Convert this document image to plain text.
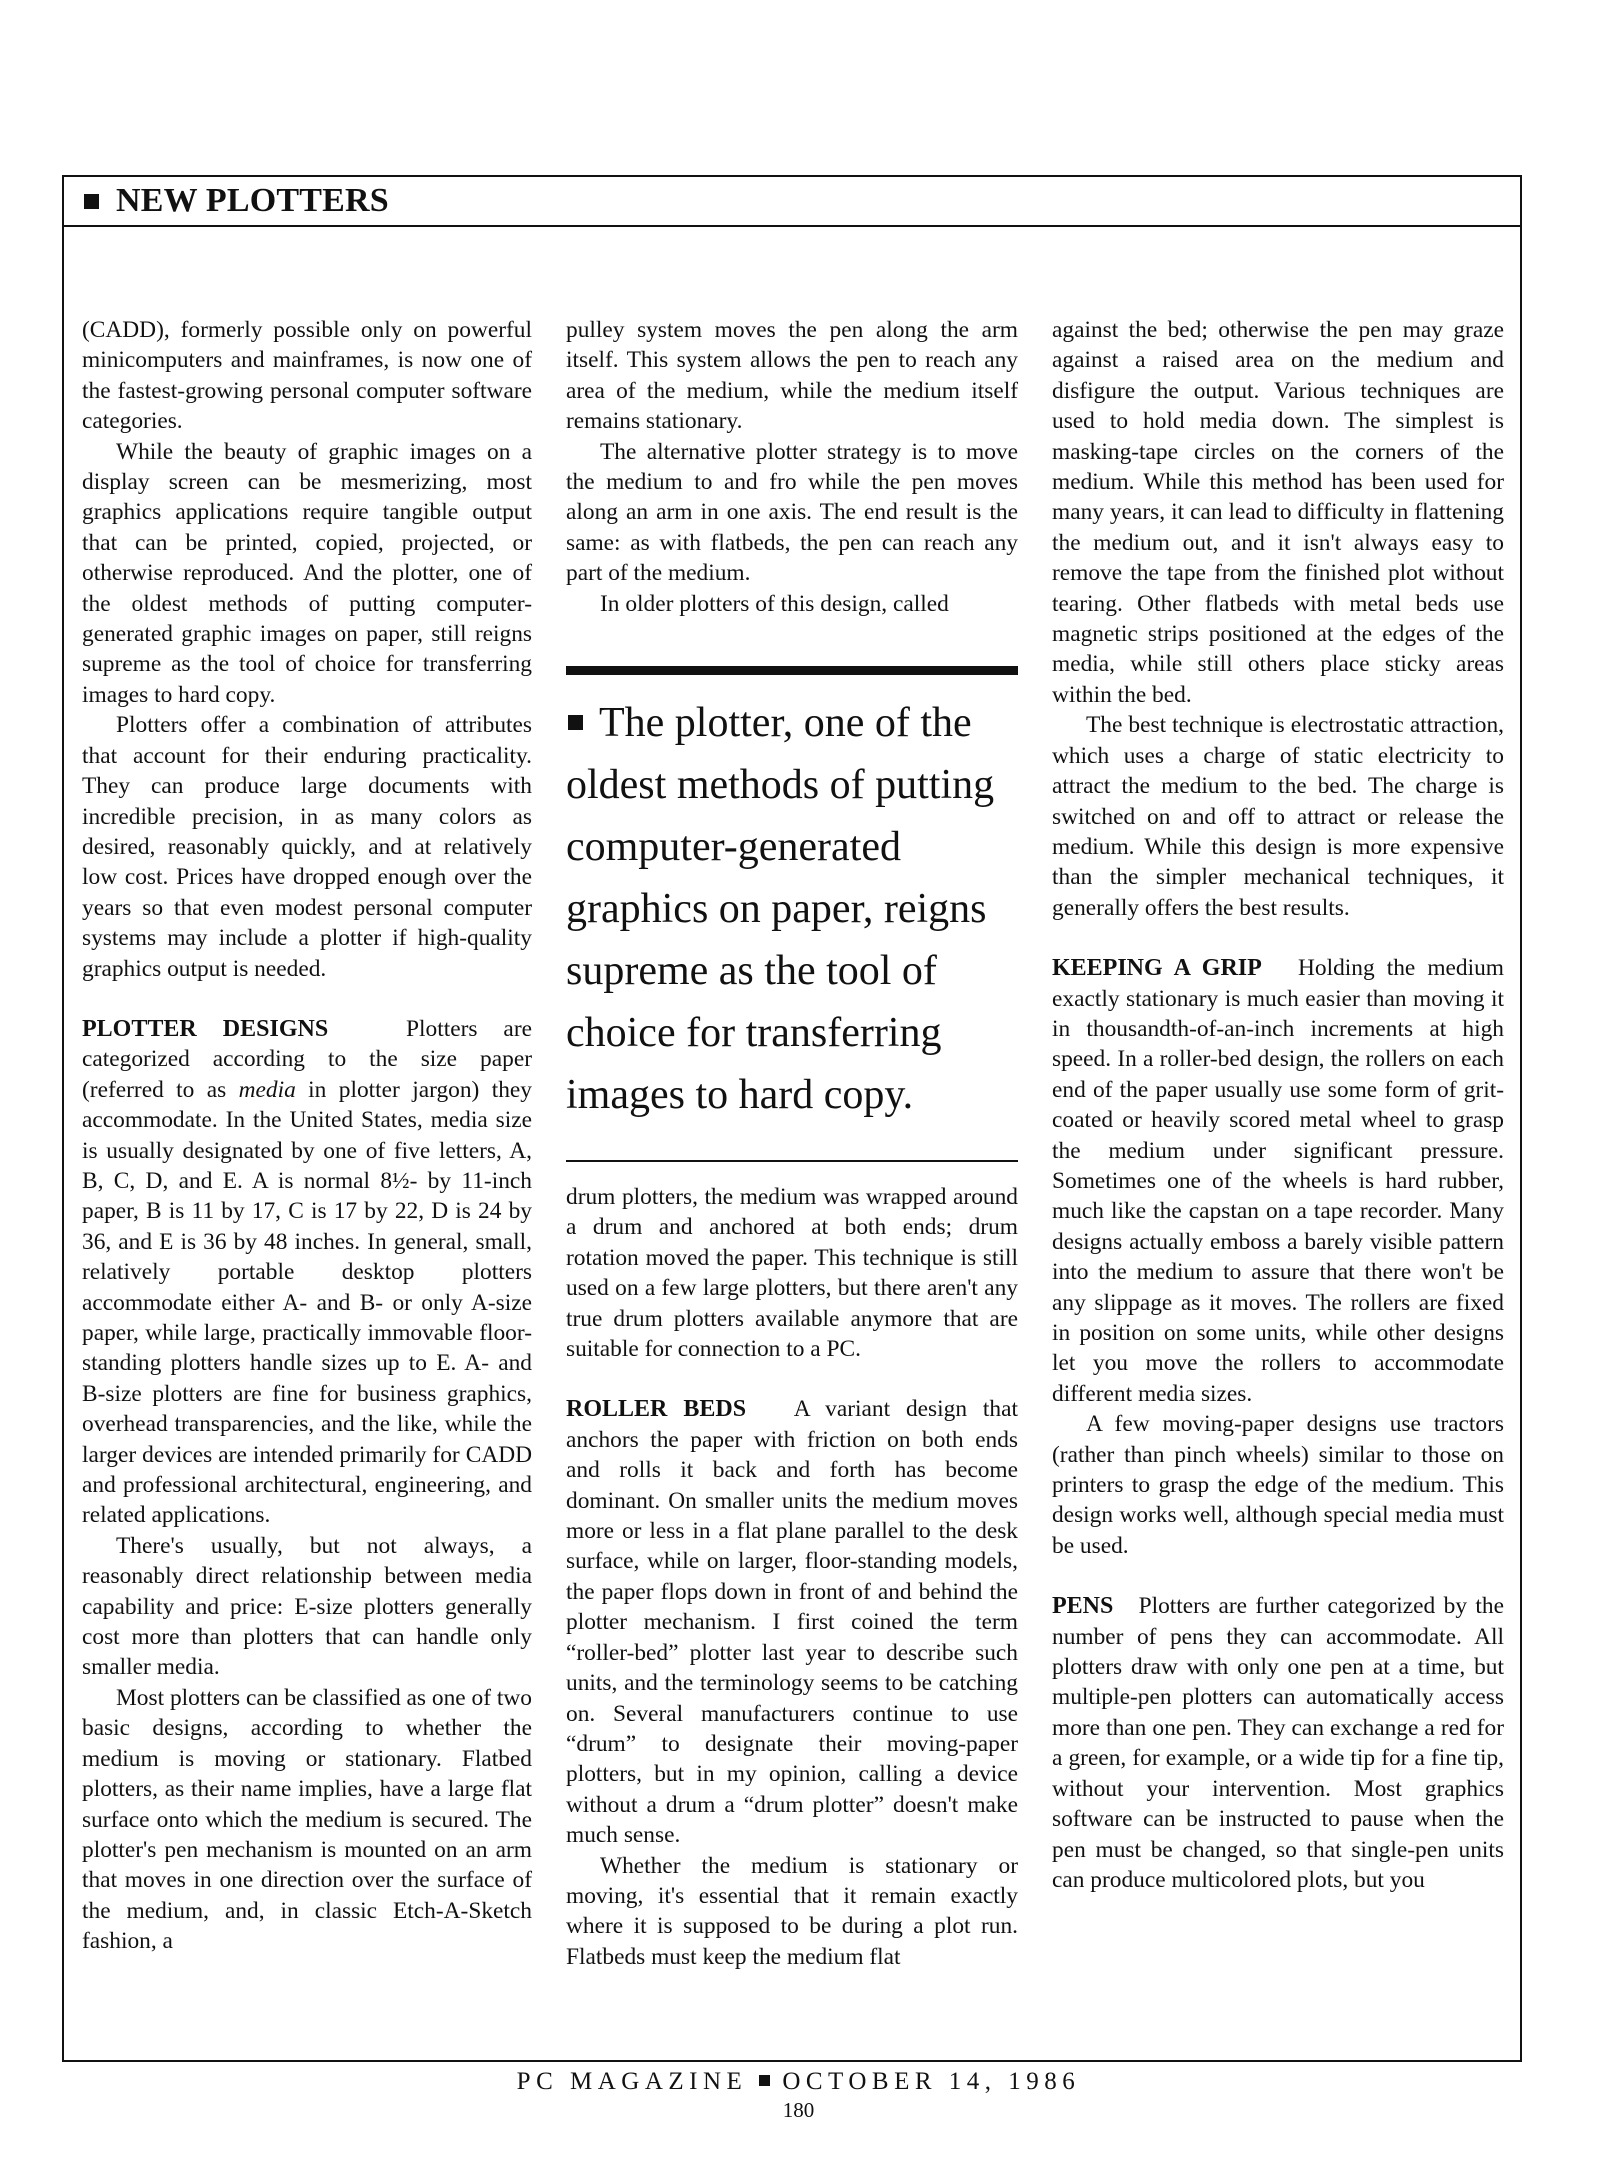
NEW PLOTTERS

(CADD), formerly possible only on powerful minicomputers and mainframes, is now one of the fastest-growing personal computer software categories.

While the beauty of graphic images on a display screen can be mesmerizing, most graphics applications require tangible output that can be printed, copied, projected, or otherwise reproduced. And the plotter, one of the oldest methods of putting computer-generated graphic images on paper, still reigns supreme as the tool of choice for transferring images to hard copy.

Plotters offer a combination of attributes that account for their enduring practicality. They can produce large documents with incredible precision, in as many colors as desired, reasonably quickly, and at relatively low cost. Prices have dropped enough over the years so that even modest personal computer systems may include a plotter if high-quality graphics output is needed.

PLOTTER DESIGNS	Plotters are categorized according to the size paper (referred to as media in plotter jargon) they accommodate. In the United States, media size is usually designated by one of five letters, A, B, C, D, and E. A is normal 8½- by 11-inch paper, B is 11 by 17, C is 17 by 22, D is 24 by 36, and E is 36 by 48 inches. In general, small, relatively portable desktop plotters accommodate either A- and B- or only A-size paper, while large, practically immovable floor-standing plotters handle sizes up to E. A- and B-size plotters are fine for business graphics, overhead transparencies, and the like, while the larger devices are intended primarily for CADD and professional architectural, engineering, and related applications.

There's usually, but not always, a reasonably direct relationship between media capability and price: E-size plotters generally cost more than plotters that can handle only smaller media.

Most plotters can be classified as one of two basic designs, according to whether the medium is moving or stationary. Flatbed plotters, as their name implies, have a large flat surface onto which the medium is secured. The plotter's pen mechanism is mounted on an arm that moves in one direction over the surface of the medium, and, in classic Etch-A-Sketch fashion, a

pulley system moves the pen along the arm itself. This system allows the pen to reach any area of the medium, while the medium itself remains stationary.

The alternative plotter strategy is to move the medium to and fro while the pen moves along an arm in one axis. The end result is the same: as with flatbeds, the pen can reach any part of the medium.

In older plotters of this design, called

The plotter, one of the oldest methods of putting computer-generated graphics on paper, reigns supreme as the tool of choice for transferring images to hard copy.

drum plotters, the medium was wrapped around a drum and anchored at both ends; drum rotation moved the paper. This technique is still used on a few large plotters, but there aren't any true drum plotters available anymore that are suitable for connection to a PC.

ROLLER BEDS A variant design that anchors the paper with friction on both ends and rolls it back and forth has become dominant. On smaller units the medium moves more or less in a flat plane parallel to the desk surface, while on larger, floor-standing models, the paper flops down in front of and behind the plotter mechanism. I first coined the term “roller-bed” plotter last year to describe such units, and the terminology seems to be catching on. Several manufacturers continue to use “drum” to designate their moving-paper plotters, but in my opinion, calling a device without a drum a “drum plotter” doesn't make much sense.

Whether the medium is stationary or moving, it's essential that it remain exactly where it is supposed to be during a plot run. Flatbeds must keep the medium flat

against the bed; otherwise the pen may graze against a raised area on the medium and disfigure the output. Various techniques are used to hold media down. The simplest is masking-tape circles on the corners of the medium. While this method has been used for many years, it can lead to difficulty in flattening the medium out, and it isn't always easy to remove the tape from the finished plot without tearing. Other flatbeds with metal beds use magnetic strips positioned at the edges of the media, while still others place sticky areas within the bed.

The best technique is electrostatic attraction, which uses a charge of static electricity to attract the medium to the bed. The charge is switched on and off to attract or release the medium. While this design is more expensive than the simpler mechanical techniques, it generally offers the best results.

KEEPING A GRIP Holding the medium exactly stationary is much easier than moving it in thousandth-of-an-inch increments at high speed. In a roller-bed design, the rollers on each end of the paper usually use some form of grit-coated or heavily scored metal wheel to grasp the medium under significant pressure. Sometimes one of the wheels is hard rubber, much like the capstan on a tape recorder. Many designs actually emboss a barely visible pattern into the medium to assure that there won't be any slippage as it moves. The rollers are fixed in position on some units, while other designs let you move the rollers to accommodate different media sizes.

A few moving-paper designs use tractors (rather than pinch wheels) similar to those on printers to grasp the edge of the medium. This design works well, although special media must be used.

PENS Plotters are further categorized by the number of pens they can accommodate. All plotters draw with only one pen at a time, but multiple-pen plotters can automatically access more than one pen. They can exchange a red for a green, for example, or a wide tip for a fine tip, without your intervention. Most graphics software can be instructed to pause when the pen must be changed, so that single-pen units can produce multicolored plots, but you

PC MAGAZINE OCTOBER 14, 1986

180
